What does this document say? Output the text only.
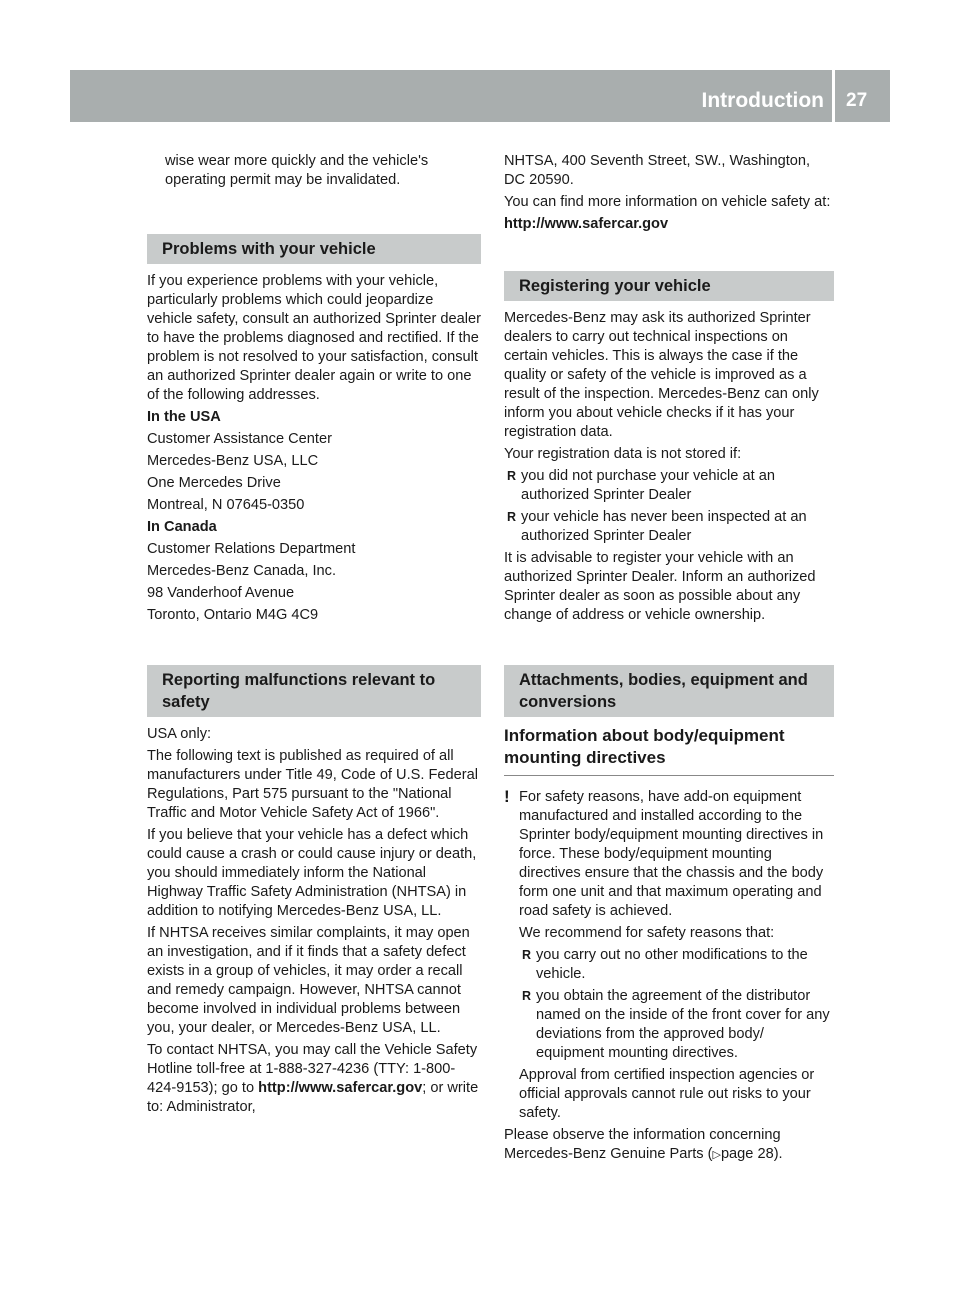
Introduction 27

wise wear more quickly and the vehicle's operating permit may be invalidated.

Problems with your vehicle

If you experience problems with your vehicle, particularly problems which could jeopardize vehicle safety, consult an authorized Sprinter dealer to have the problems diagnosed and rectified. If the problem is not resolved to your satisfaction, consult an authorized Sprinter dealer again or write to one of the following addresses.

In the USA

Customer Assistance Center

Mercedes-Benz USA, LLC

One Mercedes Drive

Montreal, N 07645-0350

In Canada

Customer Relations Department

Mercedes-Benz Canada, Inc.

98 Vanderhoof Avenue

Toronto, Ontario M4G 4C9

Reporting malfunctions relevant to safety

USA only:

The following text is published as required of all manufacturers under Title 49, Code of U.S. Federal Regulations, Part 575 pursuant to the "National Traffic and Motor Vehicle Safety Act of 1966".

If you believe that your vehicle has a defect which could cause a crash or could cause injury or death, you should immediately inform the National Highway Traffic Safety Administration (NHTSA) in addition to notifying Mercedes-Benz USA, LL.

If NHTSA receives similar complaints, it may open an investigation, and if it finds that a safety defect exists in a group of vehicles, it may order a recall and remedy campaign. However, NHTSA cannot become involved in individual problems between you, your dealer, or Mercedes-Benz USA, LL.

To contact NHTSA, you may call the Vehicle Safety Hotline toll-free at 1-888-327-4236 (TTY: 1-800-424-9153); go to http://www.safercar.gov; or write to: Administrator,

NHTSA, 400 Seventh Street, SW., Washington, DC 20590.

You can find more information on vehicle safety at:

http://www.safercar.gov

Registering your vehicle

Mercedes-Benz may ask its authorized Sprinter dealers to carry out technical inspections on certain vehicles. This is always the case if the quality or safety of the vehicle is improved as a result of the inspection. Mercedes-Benz can only inform you about vehicle checks if it has your registration data.

Your registration data is not stored if:

R you did not purchase your vehicle at an authorized Sprinter Dealer

R your vehicle has never been inspected at an authorized Sprinter Dealer

It is advisable to register your vehicle with an authorized Sprinter Dealer. Inform an authorized Sprinter dealer as soon as possible about any change of address or vehicle ownership.

Attachments, bodies, equipment and conversions
Information about body/equipment mounting directives
! For safety reasons, have add-on equipment manufactured and installed according to the Sprinter body/equipment mounting directives in force. These body/equipment mounting directives ensure that the chassis and the body form one unit and that maximum operating and road safety is achieved.

We recommend for safety reasons that:

R you carry out no other modifications to the vehicle.

R you obtain the agreement of the distributor named on the inside of the front cover for any deviations from the approved body/ equipment mounting directives.

Approval from certified inspection agencies or official approvals cannot rule out risks to your safety.

Please observe the information concerning Mercedes-Benz Genuine Parts (▷page 28).
